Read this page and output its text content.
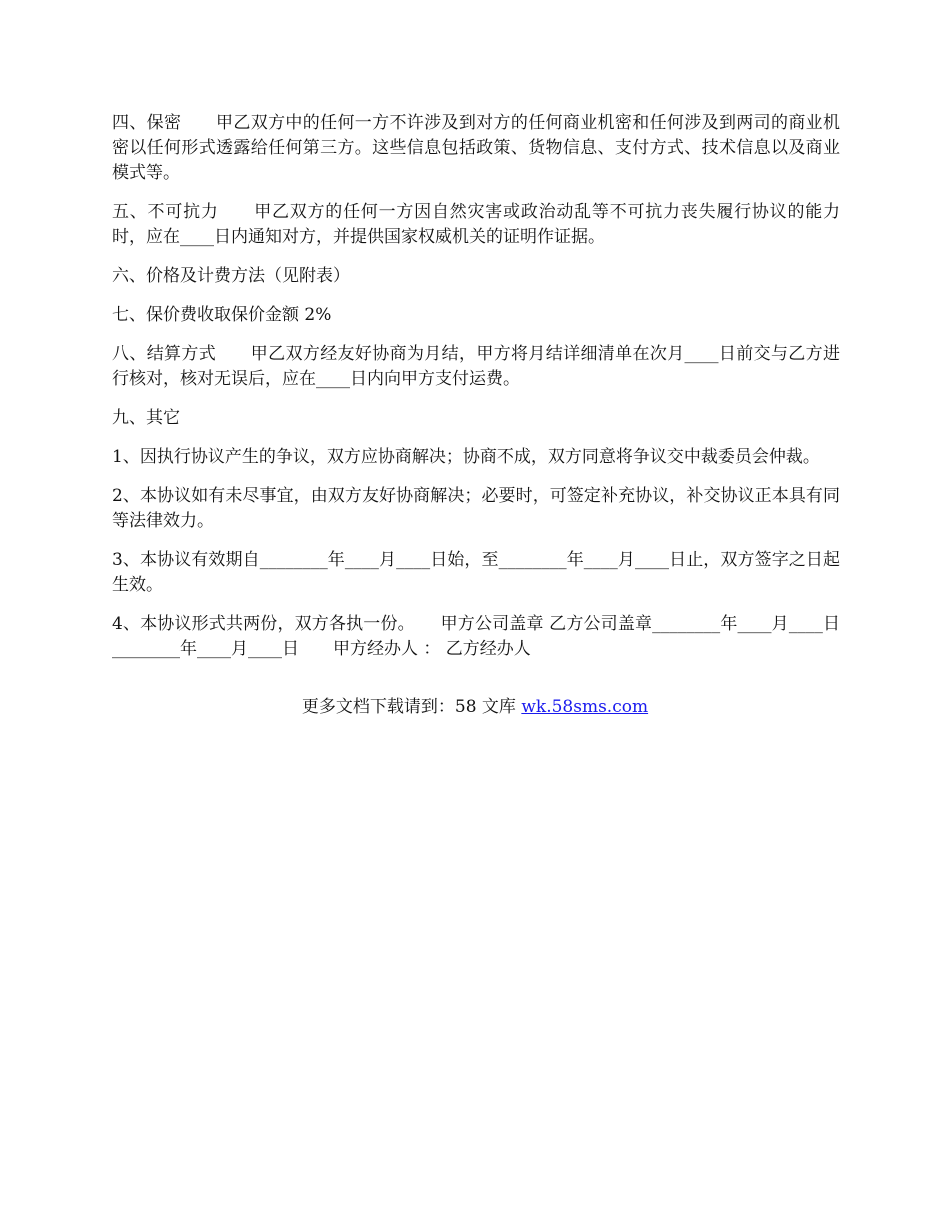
四、保密　　甲乙双方中的任何一方不许涉及到对方的任何商业机密和任何涉及到两司的商业机密以任何形式透露给任何第三方。这些信息包括政策、货物信息、支付方式、技术信息以及商业模式等。

五、不可抗力　　甲乙双方的任何一方因自然灾害或政治动乱等不可抗力丧失履行协议的能力时，应在____日内通知对方，并提供国家权威机关的证明作证据。

六、价格及计费方法（见附表）

七、保价费收取保价金额 2%

八、结算方式　　甲乙双方经友好协商为月结，甲方将月结详细清单在次月____日前交与乙方进行核对，核对无误后，应在____日内向甲方支付运费。

九、其它

1、因执行协议产生的争议，双方应协商解决；协商不成，双方同意将争议交中裁委员会仲裁。

2、本协议如有未尽事宜，由双方友好协商解决；必要时，可签定补充协议，补交协议正本具有同等法律效力。

3、本协议有效期自________年____月____日始，至________年____月____日止，双方签字之日起生效。

4、本协议形式共两份，双方各执一份。　　甲方公司盖章 乙方公司盖章________年____月____日________年____月____日　　甲方经办人 ： 乙方经办人

更多文档下载请到：58 文库 wk.58sms.com
